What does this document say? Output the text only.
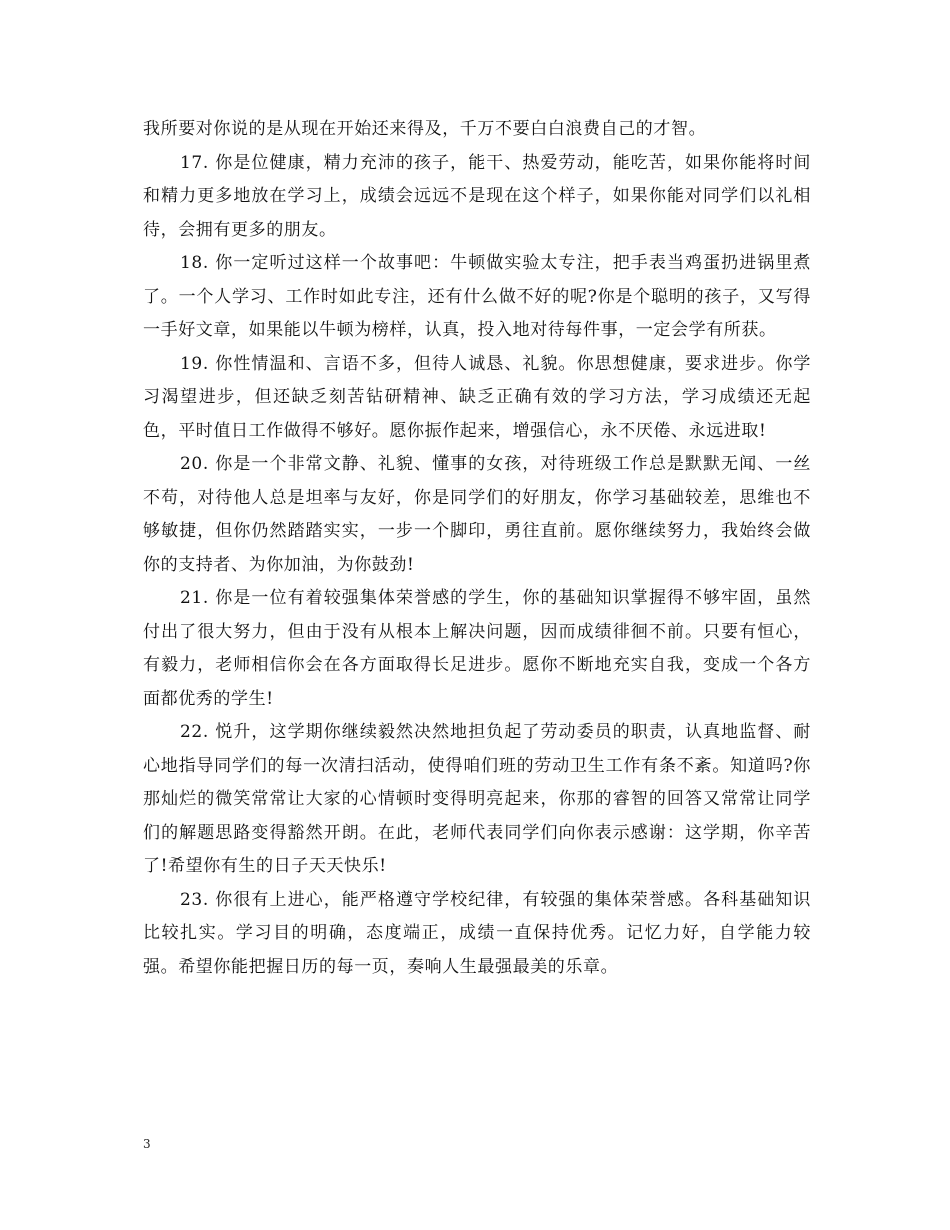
我所要对你说的是从现在开始还来得及，千万不要白白浪费自己的才智。

17. 你是位健康，精力充沛的孩子，能干、热爱劳动，能吃苦，如果你能将时间和精力更多地放在学习上，成绩会远远不是现在这个样子，如果你能对同学们以礼相待，会拥有更多的朋友。

18. 你一定听过这样一个故事吧：牛顿做实验太专注，把手表当鸡蛋扔进锅里煮了。一个人学习、工作时如此专注，还有什么做不好的呢?你是个聪明的孩子，又写得一手好文章，如果能以牛顿为榜样，认真，投入地对待每件事，一定会学有所获。

19. 你性情温和、言语不多，但待人诚恳、礼貌。你思想健康，要求进步。你学习渴望进步，但还缺乏刻苦钻研精神、缺乏正确有效的学习方法，学习成绩还无起色，平时值日工作做得不够好。愿你振作起来，增强信心，永不厌倦、永远进取!

20. 你是一个非常文静、礼貌、懂事的女孩，对待班级工作总是默默无闻、一丝不苟，对待他人总是坦率与友好，你是同学们的好朋友，你学习基础较差，思维也不够敏捷，但你仍然踏踏实实，一步一个脚印，勇往直前。愿你继续努力，我始终会做你的支持者、为你加油，为你鼓劲!

21. 你是一位有着较强集体荣誉感的学生，你的基础知识掌握得不够牢固，虽然付出了很大努力，但由于没有从根本上解决问题，因而成绩徘徊不前。只要有恒心，有毅力，老师相信你会在各方面取得长足进步。愿你不断地充实自我，变成一个各方面都优秀的学生!

22. 悦升，这学期你继续毅然决然地担负起了劳动委员的职责，认真地监督、耐心地指导同学们的每一次清扫活动，使得咱们班的劳动卫生工作有条不紊。知道吗?你那灿烂的微笑常常让大家的心情顿时变得明亮起来，你那的睿智的回答又常常让同学们的解题思路变得豁然开朗。在此，老师代表同学们向你表示感谢：这学期，你辛苦了!希望你有生的日子天天快乐!

23. 你很有上进心，能严格遵守学校纪律，有较强的集体荣誉感。各科基础知识比较扎实。学习目的明确，态度端正，成绩一直保持优秀。记忆力好，自学能力较强。希望你能把握日历的每一页，奏响人生最强最美的乐章。

3
